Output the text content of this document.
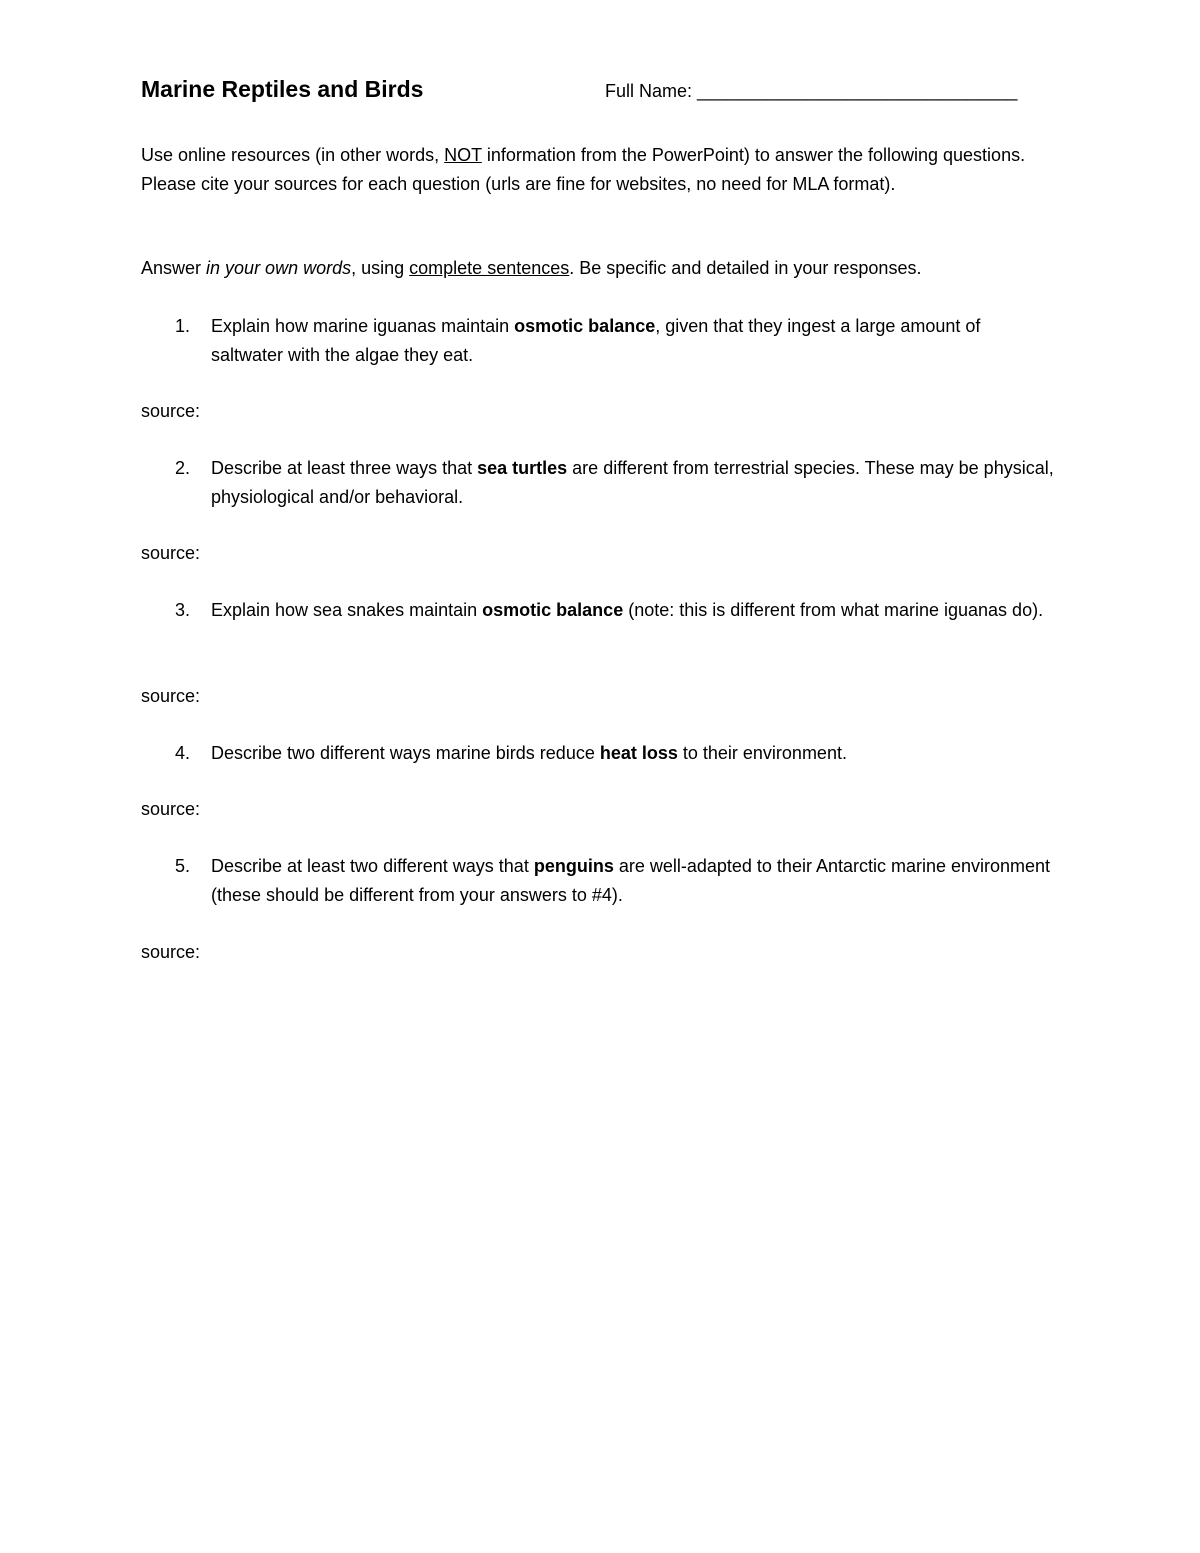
Marine Reptiles and Birds	Full Name: ________________________________
Use online resources (in other words, NOT information from the PowerPoint) to answer the following questions. Please cite your sources for each question (urls are fine for websites, no need for MLA format).
Answer in your own words, using complete sentences. Be specific and detailed in your responses.
1.	Explain how marine iguanas maintain osmotic balance, given that they ingest a large amount of saltwater with the algae they eat.
source:
2.	Describe at least three ways that sea turtles are different from terrestrial species. These may be physical, physiological and/or behavioral.
source:
3.	Explain how sea snakes maintain osmotic balance (note: this is different from what marine iguanas do).
source:
4.	Describe two different ways marine birds reduce heat loss to their environment.
source:
5.	Describe at least two different ways that penguins are well-adapted to their Antarctic marine environment (these should be different from your answers to #4).
source:
